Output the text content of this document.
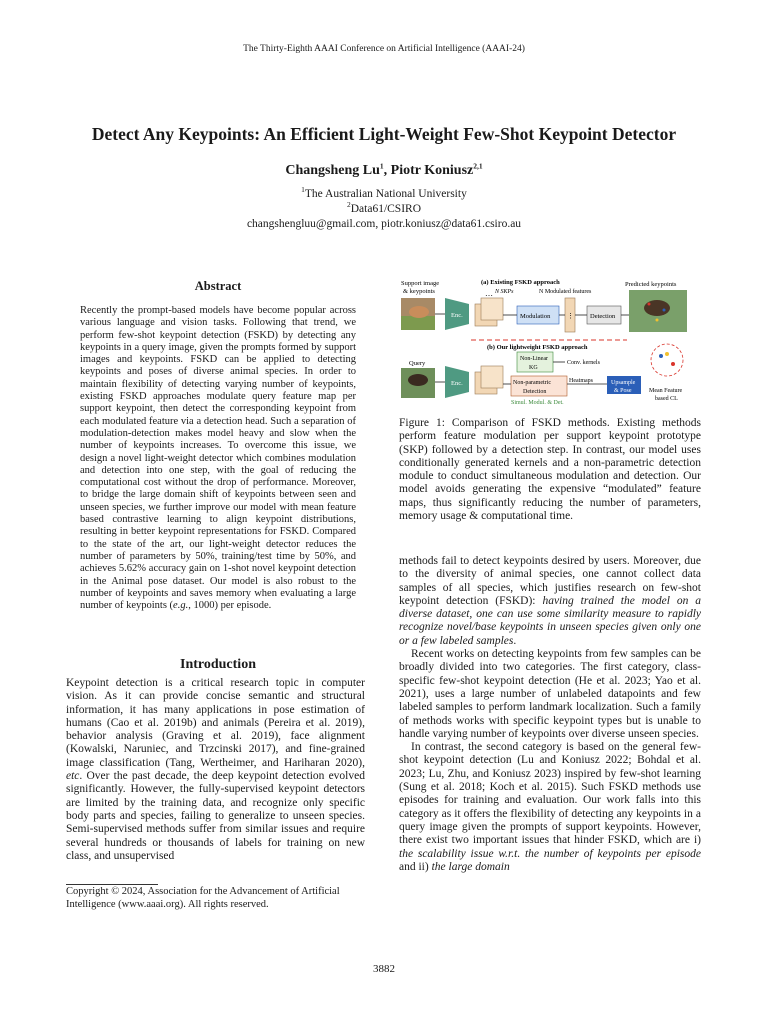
The Thirty-Eighth AAAI Conference on Artificial Intelligence (AAAI-24)
Detect Any Keypoints: An Efficient Light-Weight Few-Shot Keypoint Detector
Changsheng Lu$^1$, Piotr Koniusz$^{2,1}$
$^1$The Australian National University
$^2$Data61/CSIRO
changshengluu@gmail.com, piotr.koniusz@data61.csiro.au
Abstract

Recently the prompt-based models have become popular across various language and vision tasks. Following that trend, we perform few-shot keypoint detection (FSKD) by detecting any keypoints in a query image, given the prompts formed by support images and keypoints. FSKD can be applied to detecting keypoints and poses of diverse animal species. In order to maintain flexibility of detecting varying number of keypoints, existing FSKD approaches modulate query feature map per support keypoint, then detect the corresponding keypoint from each modulated feature via a detection head. Such a separation of modulation-detection makes model heavy and slow when the number of keypoints increases. To overcome this issue, we design a novel light-weight detector which combines modulation and detection into one step, with the goal of reducing the computational cost without the drop of performance. Moreover, to bridge the large domain shift of keypoints between seen and unseen species, we further improve our model with mean feature based contrastive learning to align keypoint distributions, resulting in better keypoint representations for FSKD. Compared to the state of the art, our light-weight detector reduces the number of parameters by 50%, training/test time by 50%, and achieves 5.62% accuracy gain on 1-shot novel keypoint detection in the Animal pose dataset. Our model is also robust to the number of keypoints and saves memory when evaluating a large number of keypoints (e.g., 1000) per episode.

Introduction

Keypoint detection is a critical research topic in computer vision. As it can provide concise semantic and structural information, it has many applications in pose estimation of humans (Cao et al. 2019b) and animals (Pereira et al. 2019), behavior analysis (Graving et al. 2019), face alignment (Kowalski, Naruniec, and Trzcinski 2017), and fine-grained image classification (Tang, Wertheimer, and Hariharan 2020), etc. Over the past decade, the deep keypoint detection evolved significantly. However, the fully-supervised keypoint detectors are limited by the training data, and recognize only specific body parts and species, failing to generalize to unseen species. Semi-supervised methods suffer from similar issues and require several hundreds or thousands of labels for training on new class, and unsupervised

Copyright © 2024, Association for the Advancement of Artificial Intelligence (www.aaai.org). All rights reserved.
Support image
& keypoints
(a) Existing FSKD approach
N SKPs	N Modulated features
Predicted keypoints
Query
Enc.
Enc.
…
Modulation ⋮ Detection
(b) Our lightweight FSKD approach
Non-Linear
KG
Conv. kernels
Non-parametric
Detection
Heatmaps
Simul. Modul. & Det.
Upsample
& Pose	Mean Feature
based CL
Figure 1: Comparison of FSKD methods. Existing methods perform feature modulation per support keypoint prototype (SKP) followed by a detection step. In contrast, our model uses conditionally generated kernels and a non-parametric detection module to conduct simultaneous modulation and detection. Our model avoids generating the expensive “modulated” feature maps, thus significantly reducing the number of parameters, memory usage & computational time.

methods fail to detect keypoints desired by users. Moreover, due to the diversity of animal species, one cannot collect data samples of all species, which justifies research on few-shot keypoint detection (FSKD): having trained the model on a diverse dataset, one can use some similarity measure to rapidly recognize novel/base keypoints in unseen species given only one or a few labeled samples.

Recent works on detecting keypoints from few samples can be broadly divided into two categories. The first category, class-specific few-shot keypoint detection (He et al. 2023; Yao et al. 2021), uses a large number of unlabeled datapoints and few labeled samples to perform landmark localization. Such a family of methods works with specific keypoint types but is unable to handle varying number of keypoints over diverse unseen species.

In contrast, the second category is based on the general few-shot keypoint detection (Lu and Koniusz 2022; Bohdal et al. 2023; Lu, Zhu, and Koniusz 2023) inspired by few-shot learning (Sung et al. 2018; Koch et al. 2015). Such FSKD methods use episodes for training and evaluation. Our work falls into this category as it offers the flexibility of detecting any keypoints in a query image given the prompts of support keypoints. However, there exist two important issues that hinder FSKD, which are i) the scalability issue w.r.t. the number of keypoints per episode and ii) the large domain

3882
